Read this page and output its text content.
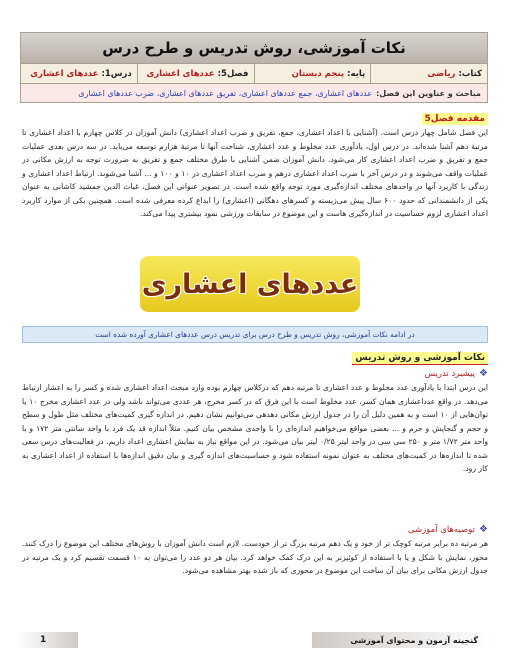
نکات آموزشی، روش تدریس و طرح درس
کتاب:
ریاضی
پایه:
پنجم دبستان
فصل5:
عددهای اعشاری
درس1:
عددهای اعشاری
مباحث و عناوین این فصل:
عددهای اعشاری، جمع عددهای اعشاری، تفریق عددهای اعشاری، ضرب عددهای اعشاری
مقدمه فصل5
این فصل شامل چهار درس است. (آشنایی با اعداد اعشاری، جمع، تفریق و ضرب اعداد اعشاری) دانش آموزان در کلاس چهارم با اعداد اعشاری تا مرتبهٔ دهم آشنا شده‌اند. در درس اول، یادآوری عدد مخلوط و عدد اعشاری، شناخت آنها تا مرتبهٔ هزارم توسعه می‌یابد. در سه درس بعدی عملیات جمع و تفریق و ضرب اعداد اعشاری کار می‌شود. دانش آموزان ضمن آشنایی با طرق مختلف جمع و تفریق به ضرورت توجه به ارزش مکانی در عملیات واقف می‌شوند و در درس آخر با ضرب اعداد اعشاری درهم و ضرب اعداد اعشاری در ۱۰ و ۱۰۰ و ... آشنا می‌شوند. ارتباط اعداد اعشاری و زندگی با کاربرد آنها در واحدهای مختلف اندازه‌گیری مورد توجه واقع شده است. در تصویر عنوانی این فصل، غیاث الدین جمشید کاشانی به عنوان یکی از دانشمندانی که حدود ۶۰۰ سال پیش می‌زیسته و کسرهای دهگانی (اعشاری) را ابداع کرده معرفی شده است. همچنین یکی از موارد کاربرد اعداد اعشاری لزوم حساسیت در اندازه‌گیری هاست و این موضوع در سابقات ورزشی نمود بیشتری پیدا می‌کند.
عددهای اعشاری
در ادامه نکات آموزشی، روش تدریس و طرح درس برای تدریس درس عددهای اعشاری آورده شده است
نکات آموزشی و روش تدریس
❖
پیشبرد تدریس
این درس ابتدا با یادآوری عدد مخلوط و عدد اعشاری تا مرتبه دهم که درکلاس چهارم بوده وارد مبحث اعداد اعشاری شده و کسر را به اعشار ارتباط می‌دهد. در واقع عدداعشاری همان کسر، عدد مخلوط است با این فرق که در کسر مخرج، هر عددی می‌تواند باشد ولی در عدد اعشاری مخرج ۱۰ یا توان‌هایی از ۱۰ است و به همین دلیل آن را در جدول ارزش مکانی دهدهی می‌توانیم نشان دهیم. در اندازه گیری کمیت‌های مختلف مثل طول و سطح و حجم و گنجایش و جرم و ... بعضی مواقع می‌خواهیم اندازه‌ای را با واحدی مشخص بیان کنیم. مثلاً اندازه قد یک فرد با واحد سانتی متر ۱۷۲ و با واحد متر ۱/۷۲ متر و ۲۵۰ سی سی در واحد لیتر ۰/۲۵ لیتر بیان می‌شود. در این مواقع نیاز به نمایش اعشاری اعداد داریم. در فعالیت‌های درس سعی شده تا اندازه‌ها در کمیت‌های مختلف به عنوان نمونه استفاده شود و حساسیت‌های اندازه گیری و بیان دقیق اندازه‌ها با استفاده از اعداد اعشاری به کار رود.
❖
توصیه‌های آموزشی
هر مرتبه ده برابر مرتبه کوچک تر از خود و یک دهم مرتبه بزرگ تر از خودست. لازم است دانش آموزان با روش‌های مختلف این موضوع را درک کنند. محور، نمایش با شکل و یا با استفاده از کوئیزنر به این درک کمک خواهد کرد. بیان هر دو عدد را می‌توان به ۱۰ قسمت تقسیم کرد و یک مرتبه در جدول ارزش مکانی برای بیان آن ساخت این موضوع در محوری که باز شده بهتر مشاهده می‌شود.
1	گنجینه آزمون و محتوای آموزشی
